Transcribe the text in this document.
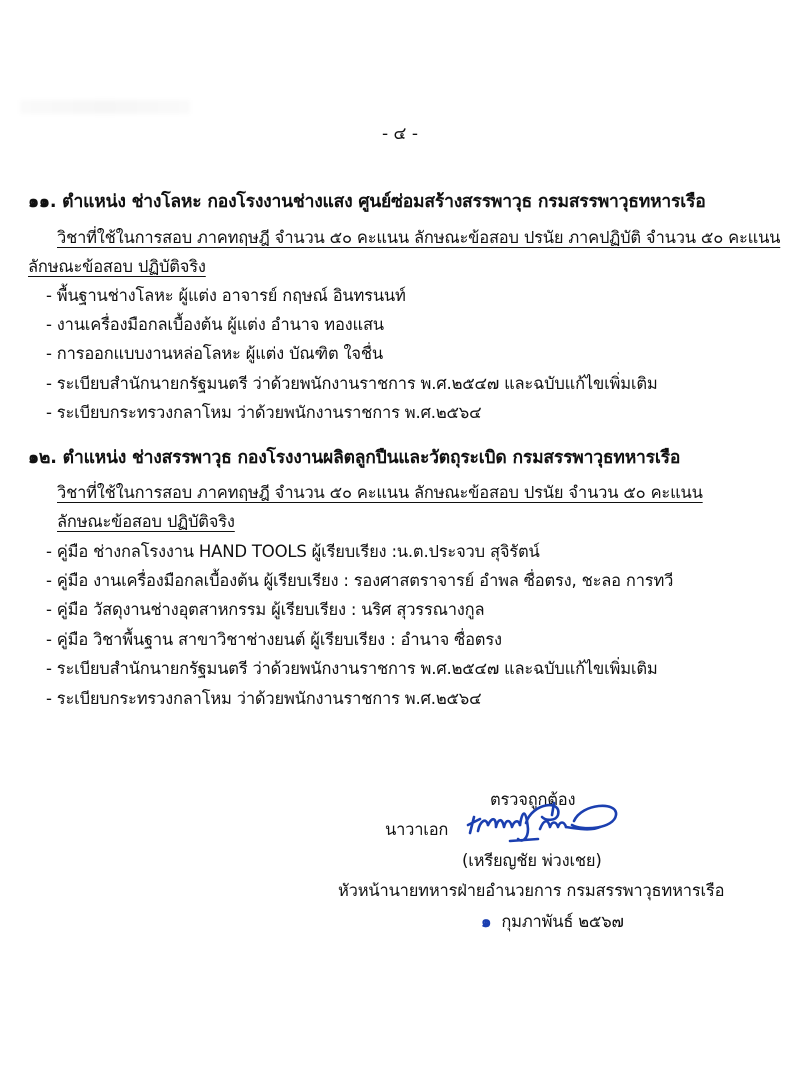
- ๔ -
๑๑. ตำแหน่ง ช่างโลหะ กองโรงงานช่างแสง ศูนย์ซ่อมสร้างสรรพาวุธ กรมสรรพาวุธทหารเรือ
วิชาที่ใช้ในการสอบ ภาคทฤษฎี จำนวน ๕๐ คะแนน ลักษณะข้อสอบ ปรนัย ภาคปฏิบัติ จำนวน ๕๐ คะแนน
ลักษณะข้อสอบ ปฏิบัติจริง
- พื้นฐานช่างโลหะ ผู้แต่ง อาจารย์ กฤษณ์ อินทรนนท์
- งานเครื่องมือกลเบื้องต้น ผู้แต่ง อำนาจ ทองแสน
- การออกแบบงานหล่อโลหะ ผู้แต่ง บัณฑิต ใจชื่น
- ระเบียบสำนักนายกรัฐมนตรี ว่าด้วยพนักงานราชการ พ.ศ.๒๕๔๗ และฉบับแก้ไขเพิ่มเติม
- ระเบียบกระทรวงกลาโหม ว่าด้วยพนักงานราชการ พ.ศ.๒๕๖๔
๑๒. ตำแหน่ง ช่างสรรพาวุธ กองโรงงานผลิตลูกปืนและวัตถุระเบิด กรมสรรพาวุธทหารเรือ
วิชาที่ใช้ในการสอบ ภาคทฤษฎี จำนวน ๕๐ คะแนน ลักษณะข้อสอบ ปรนัย จำนวน ๕๐ คะแนน
ลักษณะข้อสอบ ปฏิบัติจริง
- คู่มือ ช่างกลโรงงาน HAND TOOLS ผู้เรียบเรียง :น.ต.ประจวบ สุจิรัตน์
- คู่มือ งานเครื่องมือกลเบื้องต้น ผู้เรียบเรียง : รองศาสตราจารย์ อำพล ซื่อตรง, ชะลอ การทวี
- คู่มือ วัสดุงานช่างอุตสาหกรรม ผู้เรียบเรียง : นริศ สุวรรณางกูล
- คู่มือ วิชาพื้นฐาน สาขาวิชาช่างยนต์ ผู้เรียบเรียง : อำนาจ ซื่อตรง
- ระเบียบสำนักนายกรัฐมนตรี ว่าด้วยพนักงานราชการ พ.ศ.๒๕๔๗ และฉบับแก้ไขเพิ่มเติม
- ระเบียบกระทรวงกลาโหม ว่าด้วยพนักงานราชการ พ.ศ.๒๕๖๔
ตรวจถูกต้อง
นาวาเอก
(เหรียญชัย พ่วงเชย)
หัวหน้านายทหารฝ่ายอำนวยการ กรมสรรพาวุธทหารเรือ
๑ กุมภาพันธ์ ๒๕๖๗
